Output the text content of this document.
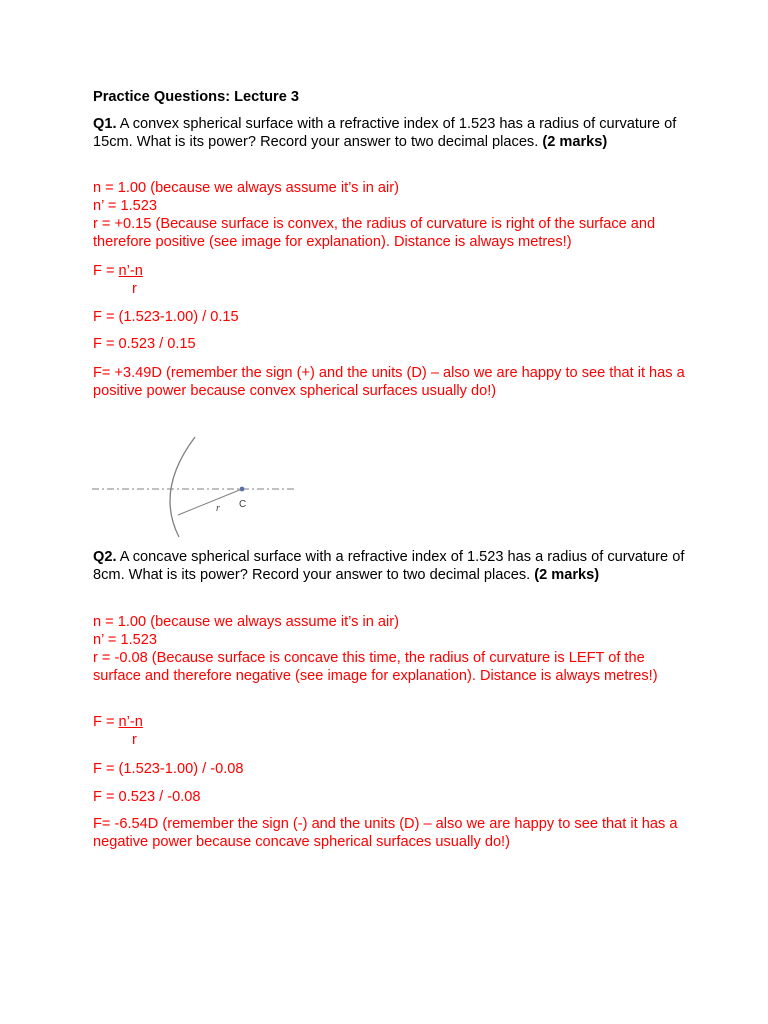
Practice Questions: Lecture 3

Q1. A convex spherical surface with a refractive index of 1.523 has a radius of curvature of 15cm. What is its power? Record your answer to two decimal places. (2 marks)

n = 1.00 (because we always assume it’s in air)

n’ = 1.523

r = +0.15 (Because surface is convex, the radius of curvature is right of the surface and therefore positive (see image for explanation). Distance is always metres!)

F = n’-n

r

F = (1.523-1.00) / 0.15

F = 0.523 / 0.15

F= +3.49D (remember the sign (+) and the units (D) – also we are happy to see that it has a positive power because convex spherical surfaces usually do!)

r C

Q2. A concave spherical surface with a refractive index of 1.523 has a radius of curvature of 8cm. What is its power? Record your answer to two decimal places. (2 marks)

n = 1.00 (because we always assume it’s in air)

n’ = 1.523

r = -0.08 (Because surface is concave this time, the radius of curvature is LEFT of the surface and therefore negative (see image for explanation). Distance is always metres!)

F = n’-n

r

F = (1.523-1.00) / -0.08

F = 0.523 / -0.08

F= -6.54D (remember the sign (-) and the units (D) – also we are happy to see that it has a negative power because concave spherical surfaces usually do!)
